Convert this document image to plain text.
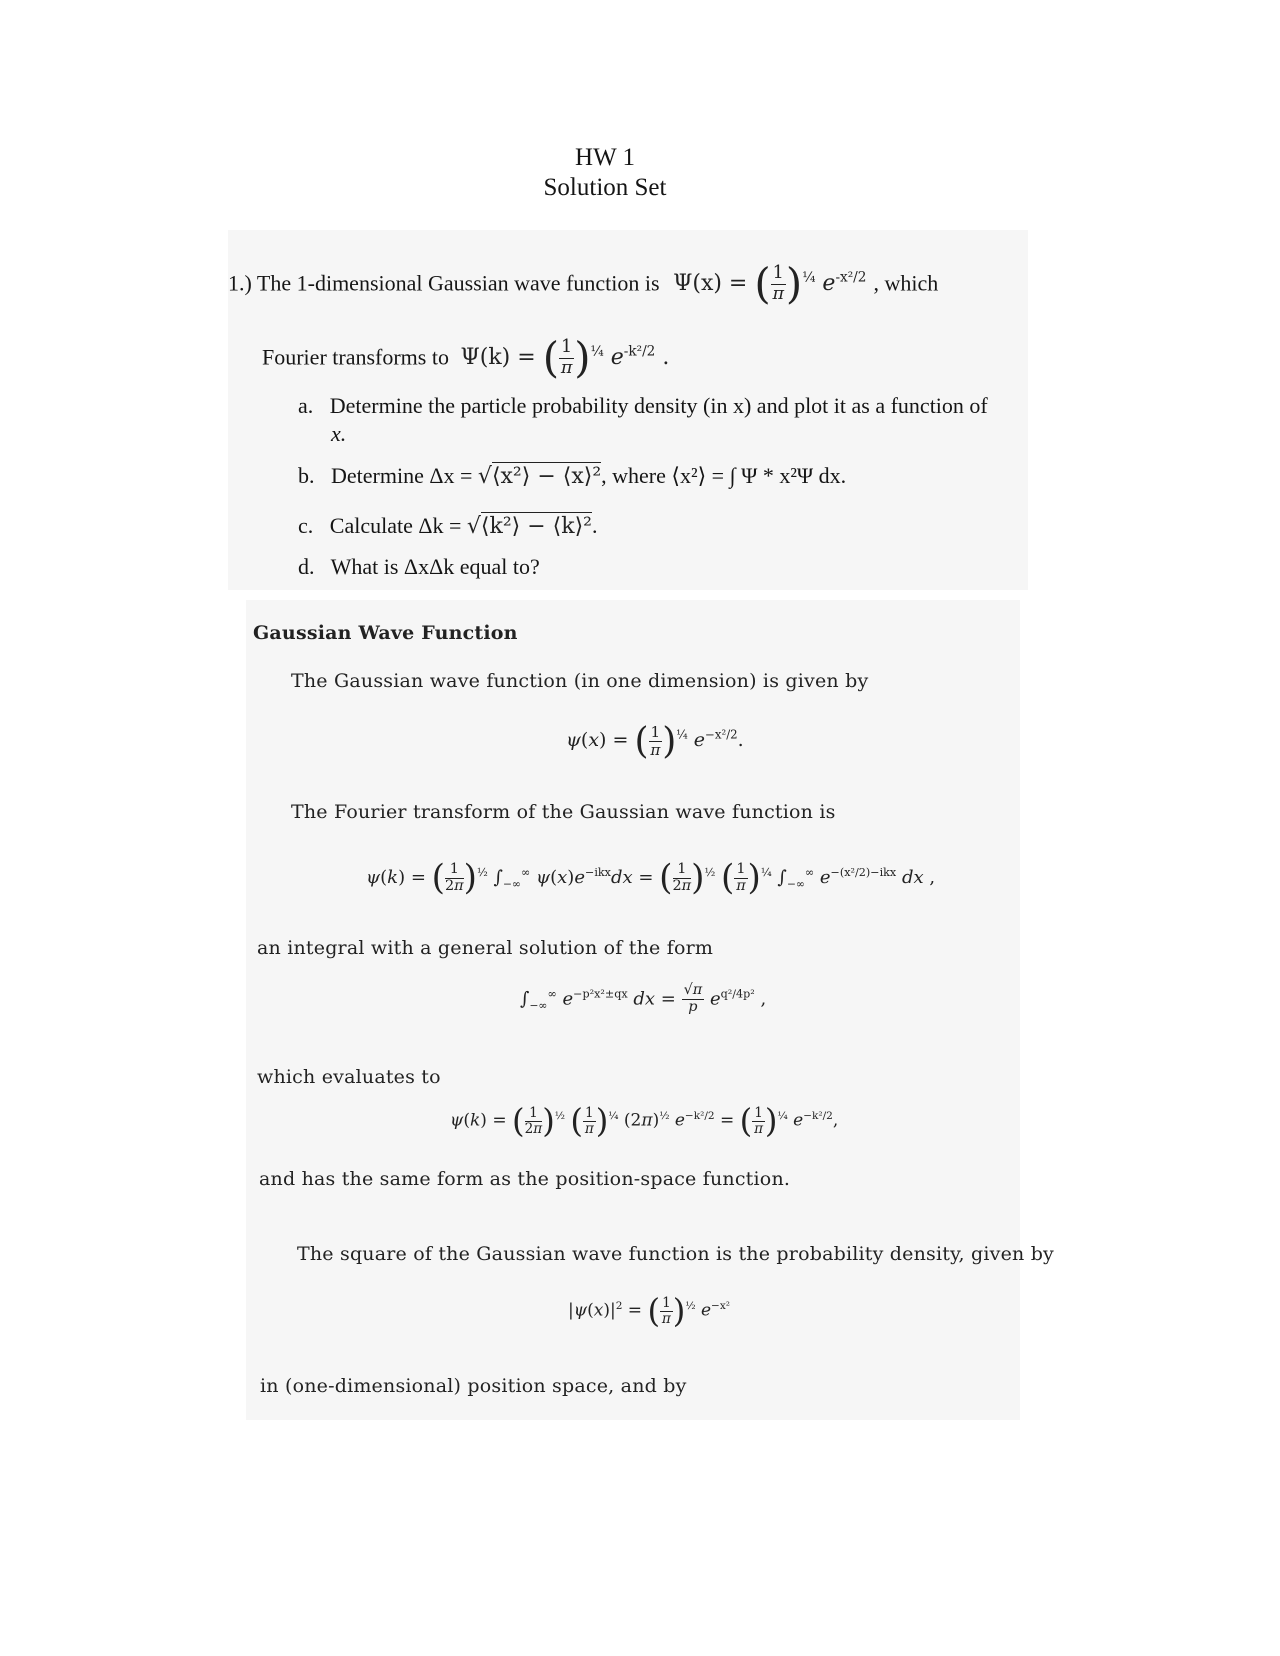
HW 1
Solution Set
1.) The 1-dimensional Gaussian wave function is Ψ(x) = ( $\frac{1}{\pi} )^{\frac{1}{4}}$ $e^{-x^2/2}$ , which
Fourier transforms to Ψ(k) = ( $\frac{1}{\pi} )^{\frac{1}{4}}$ $e^{-k^2/2}$ .
a. Determine the particle probability density (in x) and plot it as a function of
x.
b. Determine Δx = √⟨x²⟩ − ⟨x⟩², where ⟨x²⟩ = ∫ Ψ * x²Ψ dx.
c. Calculate Δk = √⟨k²⟩ − ⟨k⟩².
d. What is ΔxΔk equal to?
Gaussian Wave Function
The Gaussian wave function (in one dimension) is given by
ψ(x) = ( $\frac{1}{\pi} )^{\frac{1}{4}}$ $e^{-x^2/2}$.
The Fourier transform of the Gaussian wave function is
ψ(k) = ( $\frac{1}{2\pi} )^{\frac{1}{2}}$ $\int_{-\infty}^\infty$ $\psi(x)e^{-ikx}dx$ = ( $\frac{1}{2\pi} )^{\frac{1}{2}}$ ( $\frac{1}{\pi} )^{\frac{1}{4}}$ $\int_{-\infty}^\infty$ $e^{-(x^2/2)-ikx}$ dx ,
an integral with a general solution of the form
$\int_{-\infty}^\infty$ $e^{-p^2x^2\pm qx}$ dx = $\frac{√\pi}{p} e^{q^2/4p^2}$ ,
which evaluates to
ψ(k) = ( $\frac{1}{2\pi} )^{\frac{1}{2}}$ ( $\frac{1}{\pi} )^{\frac{1}{4}}$ $(2\pi)^{\frac{1}{2}}$ $e^{-k^2/2}$ = ( $\frac{1}{\pi} )^{\frac{1}{4}}$ $e^{-k^2/2}$,
and has the same form as the position-space function.
The square of the Gaussian wave function is the probability density, given by
$|\psi(x)|^2$ = ( $\frac{1}{\pi} )^{\frac{1}{2}}$ $e^{-x^2}$
in (one-dimensional) position space, and by
